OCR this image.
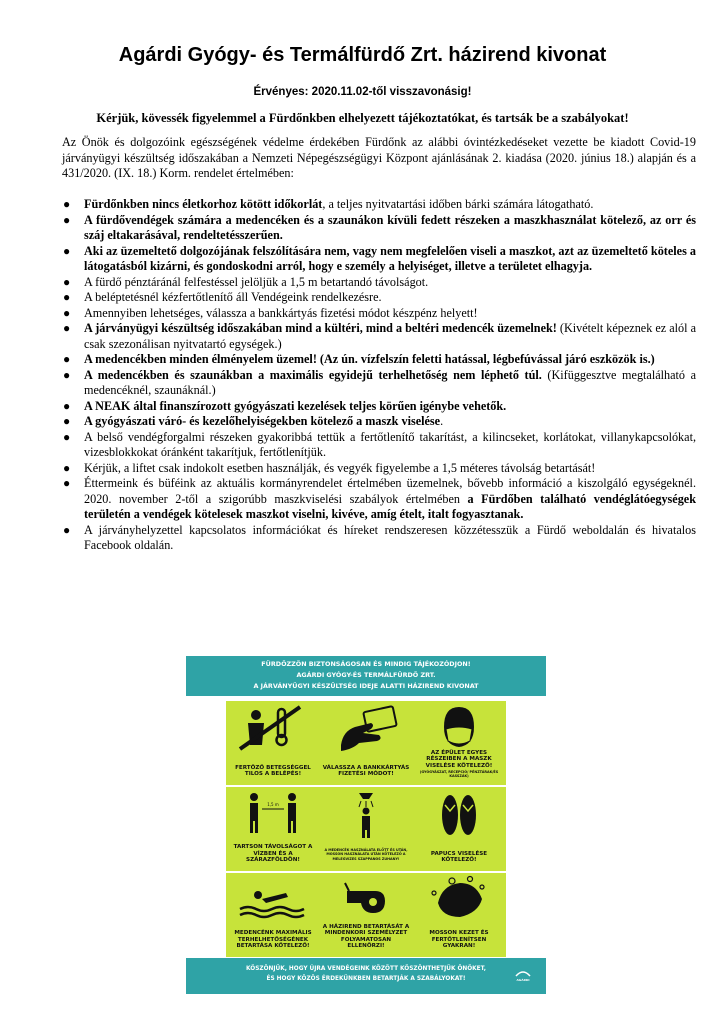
Agárdi Gyógy- és Termálfürdő Zrt. házirend kivonat
Érvényes: 2020.11.02-től visszavonásig!
Kérjük, kövessék figyelemmel a Fürdőnkben elhelyezett tájékoztatókat, és tartsák be a szabályokat!

Az Önök és dolgozóink egészségének védelme érdekében Fürdőnk az alábbi óvintézkedéseket vezette be kiadott Covid-19 járványügyi készültség időszakában a Nemzeti Népegészségügyi Központ ajánlásának 2. kiadása (2020. június 18.) alapján és a 431/2020. (IX. 18.) Korm. rendelet értelmében:

● Fürdőnkben nincs életkorhoz kötött időkorlát, a teljes nyitvatartási időben bárki számára látogatható.
● A fürdővendégek számára a medencéken és a szaunákon kívüli fedett részeken a maszkhasználat kötelező, az orr és száj eltakarásával, rendeltetésszerűen.
● Aki az üzemeltető dolgozójának felszólítására nem, vagy nem megfelelően viseli a maszkot, azt az üzemeltető köteles a látogatásból kizárni, és gondoskodni arról, hogy e személy a helyiséget, illetve a területet elhagyja.
● A fürdő pénztáránál felfestéssel jelöljük a 1,5 m betartandó távolságot.
● A beléptetésnél kézfertőtlenítő áll Vendégeink rendelkezésre.
● Amennyiben lehetséges, válassza a bankkártyás fizetési módot készpénz helyett!
● A járványügyi készültség időszakában mind a kültéri, mind a beltéri medencék üzemelnek! (Kivételt képeznek ez alól a csak szezonálisan nyitvatartó egységek.)
● A medencékben minden élményelem üzemel! (Az ún. vízfelszín feletti hatással, légbefúvással járó eszközök is.)
● A medencékben és szaunákban a maximális egyidejű terhelhetőség nem léphető túl. (Kifüggesztve megtalálható a medencéknél, szaunáknál.)
● A NEAK által finanszírozott gyógyászati kezelések teljes körűen igénybe vehetők.
● A gyógyászati váró- és kezelőhelyiségekben kötelező a maszk viselése.
● A belső vendégforgalmi részeken gyakoribbá tettük a fertőtlenítő takarítást, a kilincseket, korlátokat, villanykapcsolókat, vizesblokkokat óránként takarítjuk, fertőtlenítjük.
● Kérjük, a liftet csak indokolt esetben használják, és vegyék figyelembe a 1,5 méteres távolság betartását!
● Éttermeink és büféink az aktuális kormányrendelet értelmében üzemelnek, bővebb információ a kiszolgáló egységeknél. 2020. november 2-től a szigorúbb maszkviselési szabályok értelmében a Fürdőben található vendéglátóegységek területén a vendégek kötelesek maszkot viselni, kivéve, amíg ételt, italt fogyasztanak.
● A járványhelyzettel kapcsolatos információkat és híreket rendszeresen közzétesszük a Fürdő weboldalán és hivatalos Facebook oldalán.
FÜRDŐZZÖN BIZTONSÁGOSAN ÉS MINDIG TÁJÉKOZÓDJON!
AGÁRDI GYÓGY-ÉS TERMÁLFÜRDŐ ZRT.
A JÁRVÁNYÜGYI KÉSZÜLTSÉG IDEJE ALATTI HÁZIREND KIVONAT
FERTŐZŐ BETEGSÉGGEL TILOS A BELÉPÉS!
VÁLASSZA A BANKKÁRTYÁS FIZETÉSI MÓDOT!
AZ ÉPÜLET EGYES RÉSZEIBEN A MASZK VISELÉSE KÖTELEZŐ!
(GYÓGYÁSZAT, RECEPCIÓ/ PÉNZTÁRAK/ÉS KASSZÁK)
1,5 m
TARTSON TÁVOLSÁGOT A VÍZBEN ÉS A SZÁRAZFÖLDÖN!
A MEDENCÉK HASZNÁLATA ELŐTT ÉS UTÁN, MOSSON HASZNÁLATA UTÁN KÖTELEZŐ A MELEGVIZES SZAPPANOS ZUHANY!
PAPUCS VISELÉSE KÖTELEZŐ!
MEDENCÉNK MAXIMÁLIS TERHELHETŐSÉGÉNEK BETARTÁSA KÖTELEZŐ!
A HÁZIREND BETARTÁSÁT A MINDENKORI SZEMÉLYZET FOLYAMATOSAN ELLENŐRZI!
MOSSON KEZET ÉS FERTŐTLENÍTSEN GYAKRAN!
KÖSZÖNJÜK, HOGY ÚJRA VENDÉGEINK KÖZÖTT KÖSZÖNTHETJÜK ÖNÖKET,
ÉS HOGY KÖZÖS ÉRDEKÜNKBEN BETARTJÁK A SZABÁLYOKAT!	AGÁRDI
